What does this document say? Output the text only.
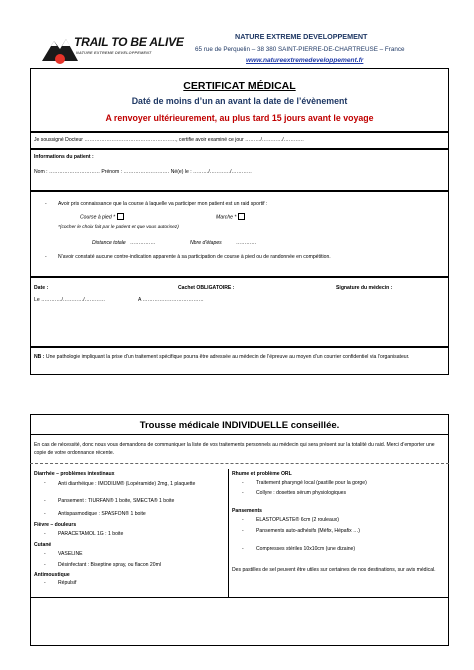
TRAIL TO BE ALIVE
NATURE EXTREME DEVELOPPEMENT
NATURE EXTREME DEVELOPPEMENT
65 rue de Perquelin – 38 380 SAINT-PIERRE-DE-CHARTREUSE – France
www.natureextremedeveloppement.fr
CERTIFICAT MÉDICAL
Daté de moins d’un an avant la date de l’évènement
A renvoyer ultérieurement, au plus tard 15 jours avant le voyage
Je soussigné Docteur ………………………………………………, certifie avoir examiné ce jour ………/…………/…………
Informations du patient :
Nom : ………………………… Prénom : ……………………… Né(e) le : ………/…………/…………
- Avoir pris connaissance que la course à laquelle va participer mon patient est un raid sportif :
Course à pied *	Marche *
*(cocher le choix fait par le patient et que vous autorisez)
Distance totale ……………	Nbre d’étapes	…………
- N’avoir constaté aucune contre-indication apparente à sa participation de course à pied ou de randonnée en compétition.
Date :	Cachet OBLIGATOIRE :	Signature du médecin :
Le …………/…………/…………	A ………………………………
NB : Une pathologie impliquant la prise d’un traitement spécifique pourra être adressée au médecin de l’épreuve au moyen d’un courrier confidentiel via l’organisateur.
Trousse médicale INDIVIDUELLE conseillée.
En cas de nécessité, donc nous vous demandons de communiquer la liste de vos traitements personnels au médecin qui sera présent sur la totalité du raid. Merci d’emporter une copie de votre ordonnance récente.
Diarrhée – problèmes intestinaux
- Anti diarrhéique : IMODIUM® (Lopéramide) 2mg, 1 plaquette
- Pansement : TIURFAN® 1 boite, SMECTA® 1 boite
- Antispasmodique : SPASFON® 1 boite
Fièvre – douleurs
- PARACETAMOL 1G : 1 boite
Cutané
- VASELINE
- Désinfectant : Biseptine spray, ou flacon 20ml
Antimoustique
- Répulsif
Rhume et problème ORL
- Traitement pharyngé local (pastille pour la gorge)
- Collyre : dosettes sérum physiologiques
Pansements
- ELASTOPLASTE® 6cm (2 rouleaux)
- Pansements auto-adhésifs (Méfix, Hépafix …)
- Compresses stériles 10x10cm (une dizaine)
Des pastilles de sel peuvent être utiles sur certaines de nos destinations, sur avis médical.
